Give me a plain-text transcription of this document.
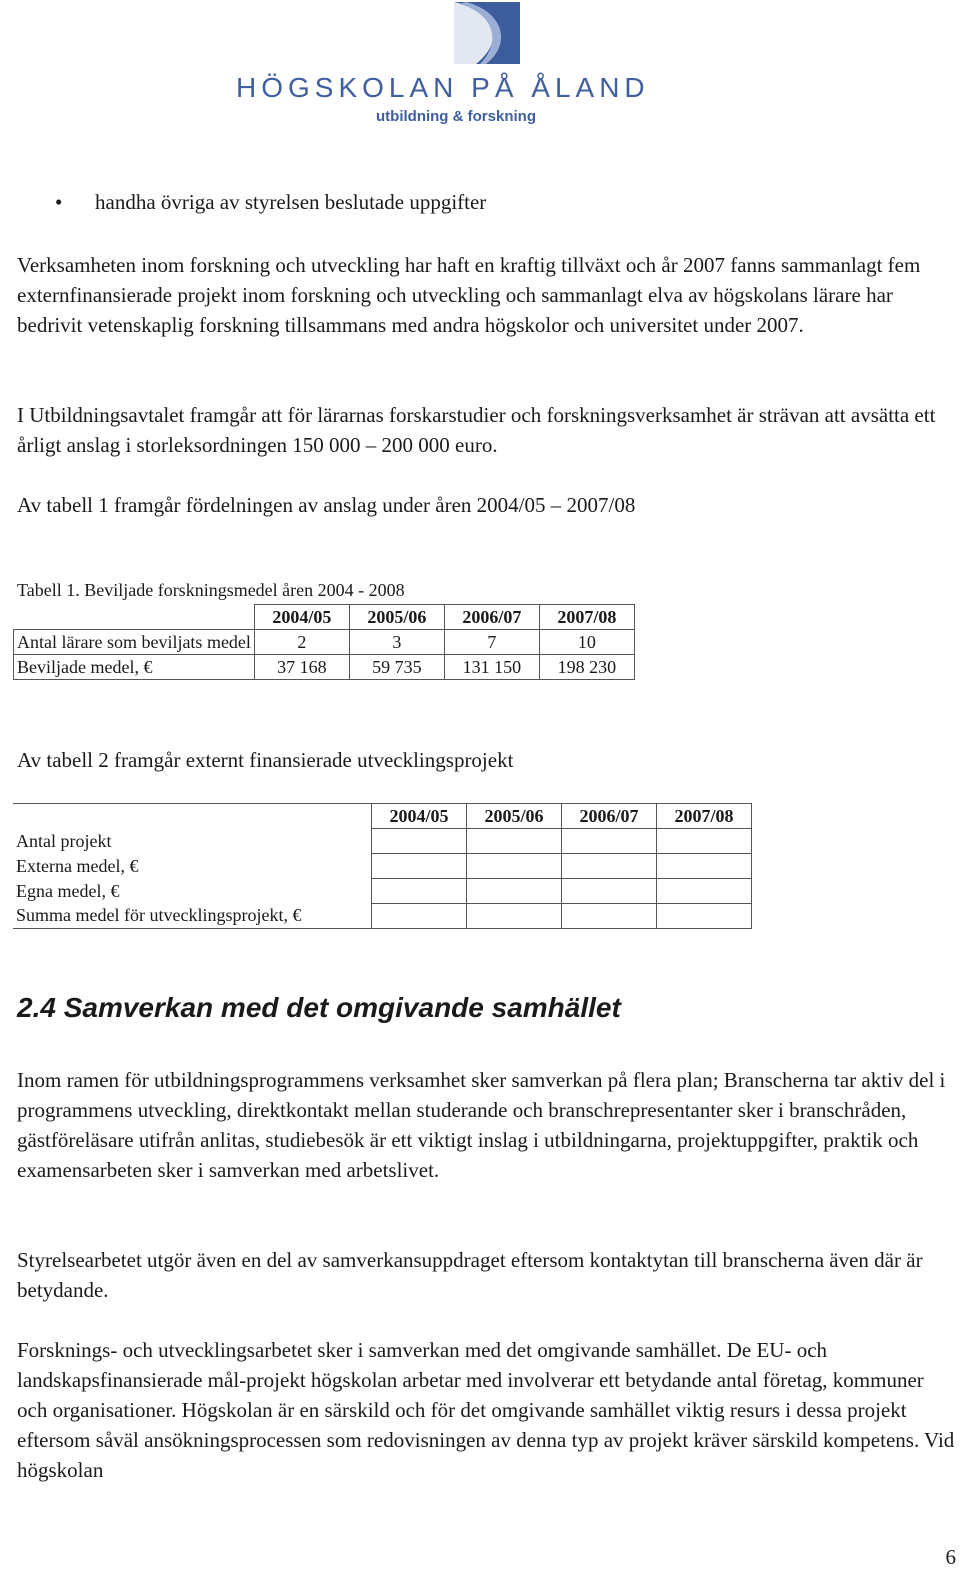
HÖGSKOLAN PÅ ÅLAND
utbildning & forskning
• handha övriga av styrelsen beslutade uppgifter

Verksamheten inom forskning och utveckling har haft en kraftig tillväxt och år 2007 fanns sammanlagt fem externfinansierade projekt inom forskning och utveckling och sammanlagt elva av högskolans lärare har bedrivit vetenskaplig forskning tillsammans med andra högskolor och universitet under 2007.

I Utbildningsavtalet framgår att för lärarnas forskarstudier och forskningsverksamhet är strävan att avsätta ett årligt anslag i storleksordningen 150 000 – 200 000 euro.

Av tabell 1 framgår fördelningen av anslag under åren 2004/05 – 2007/08

Tabell 1. Beviljade forskningsmedel åren 2004 - 2008
	2004/05	2005/06	2006/07	2007/08
Antal lärare som beviljats medel	2	3	7	10
Beviljade medel, €	37 168	59 735	131 150	198 230

Av tabell 2 framgår externt finansierade utvecklingsprojekt

	2004/05	2005/06	2006/07	2007/08
Antal projekt				
Externa medel, €				
Egna medel, €				
Summa medel för utvecklingsprojekt, €				
2.4 Samverkan med det omgivande samhället

Inom ramen för utbildningsprogrammens verksamhet sker samverkan på flera plan; Branscherna tar aktiv del i programmens utveckling, direktkontakt mellan studerande och branschrepresentanter sker i branschråden, gästföreläsare utifrån anlitas, studiebesök är ett viktigt inslag i utbildningarna, projektuppgifter, praktik och examensarbeten sker i samverkan med arbetslivet.

Styrelsearbetet utgör även en del av samverkansuppdraget eftersom kontaktytan till branscherna även där är betydande.

Forsknings- och utvecklingsarbetet sker i samverkan med det omgivande samhället. De EU- och landskapsfinansierade mål-projekt högskolan arbetar med involverar ett betydande antal företag, kommuner och organisationer. Högskolan är en särskild och för det omgivande samhället viktig resurs i dessa projekt eftersom såväl ansökningsprocessen som redovisningen av denna typ av projekt kräver särskild kompetens. Vid högskolan

6
